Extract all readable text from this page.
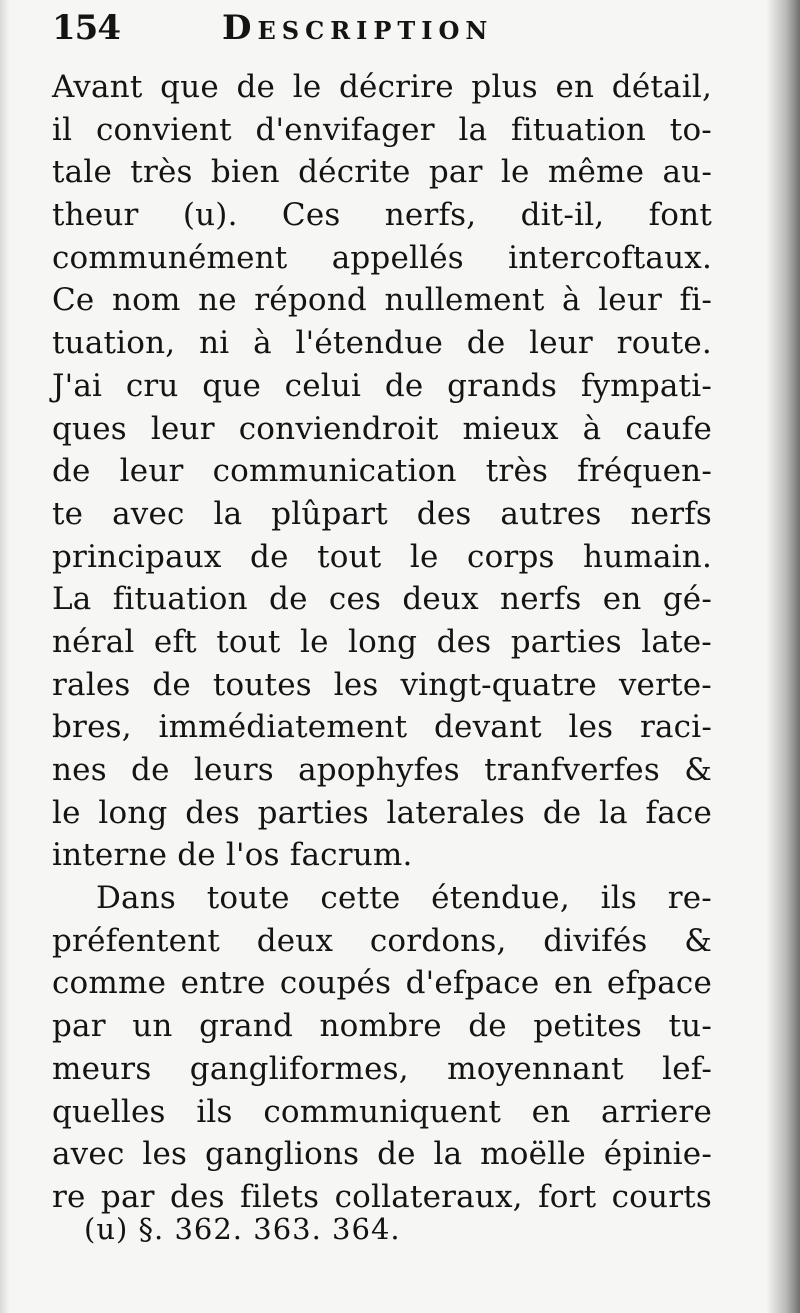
154	Description
Avant que de le décrire plus en détail,
il convient d'envifager la fituation to-
tale très bien décrite par le même au-
theur (u). Ces nerfs, dit-il, font
communément appellés intercoftaux.
Ce nom ne répond nullement à leur fi-
tuation, ni à l'étendue de leur route.
J'ai cru que celui de grands fympati-
ques leur conviendroit mieux à caufe
de leur communication très fréquen-
te avec la plûpart des autres nerfs
principaux de tout le corps humain.
La fituation de ces deux nerfs en gé-
néral eft tout le long des parties late-
rales de toutes les vingt-quatre verte-
bres, immédiatement devant les raci-
nes de leurs apophyfes tranfverfes &
le long des parties laterales de la face
interne de l'os facrum.
Dans toute cette étendue, ils re-
préfentent deux cordons, divifés &
comme entre coupés d'efpace en efpace
par un grand nombre de petites tu-
meurs gangliformes, moyennant lef-
quelles ils communiquent en arriere
avec les ganglions de la moëlle épinie-
re par des filets collateraux, fort courts
(u) §. 362. 363. 364.
